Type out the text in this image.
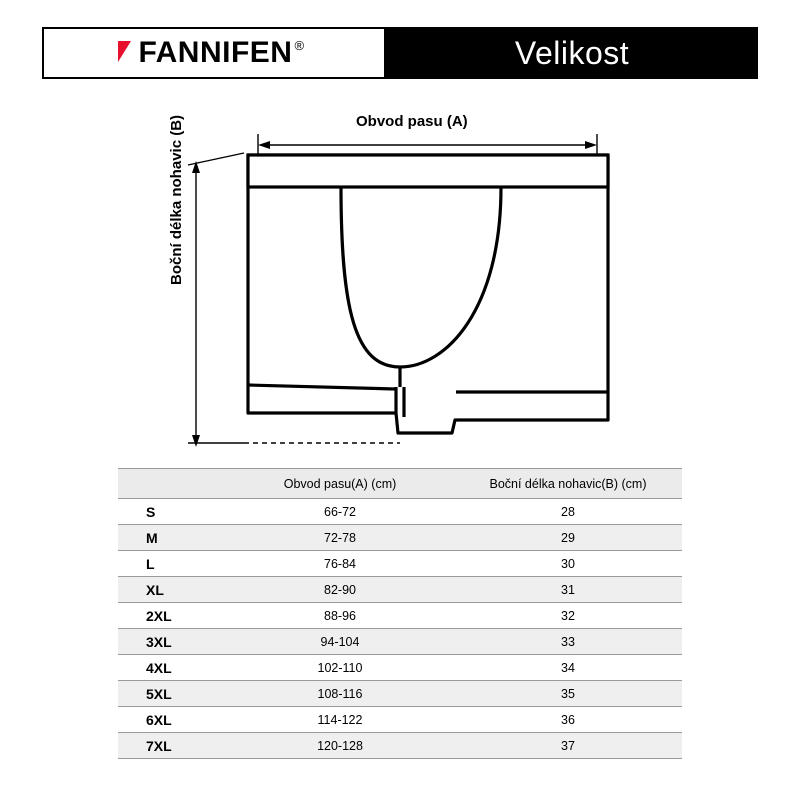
FANNIFEN ®	Velikost
Obvod pasu (A)
Boční délka nohavic (B)
	Obvod pasu(A) (cm)	Boční délka nohavic(B) (cm)
S	66-72	28
M	72-78	29
L	76-84	30
XL	82-90	31
2XL	88-96	32
3XL	94-104	33
4XL	102-110	34
5XL	108-116	35
6XL	114-122	36
7XL	120-128	37
